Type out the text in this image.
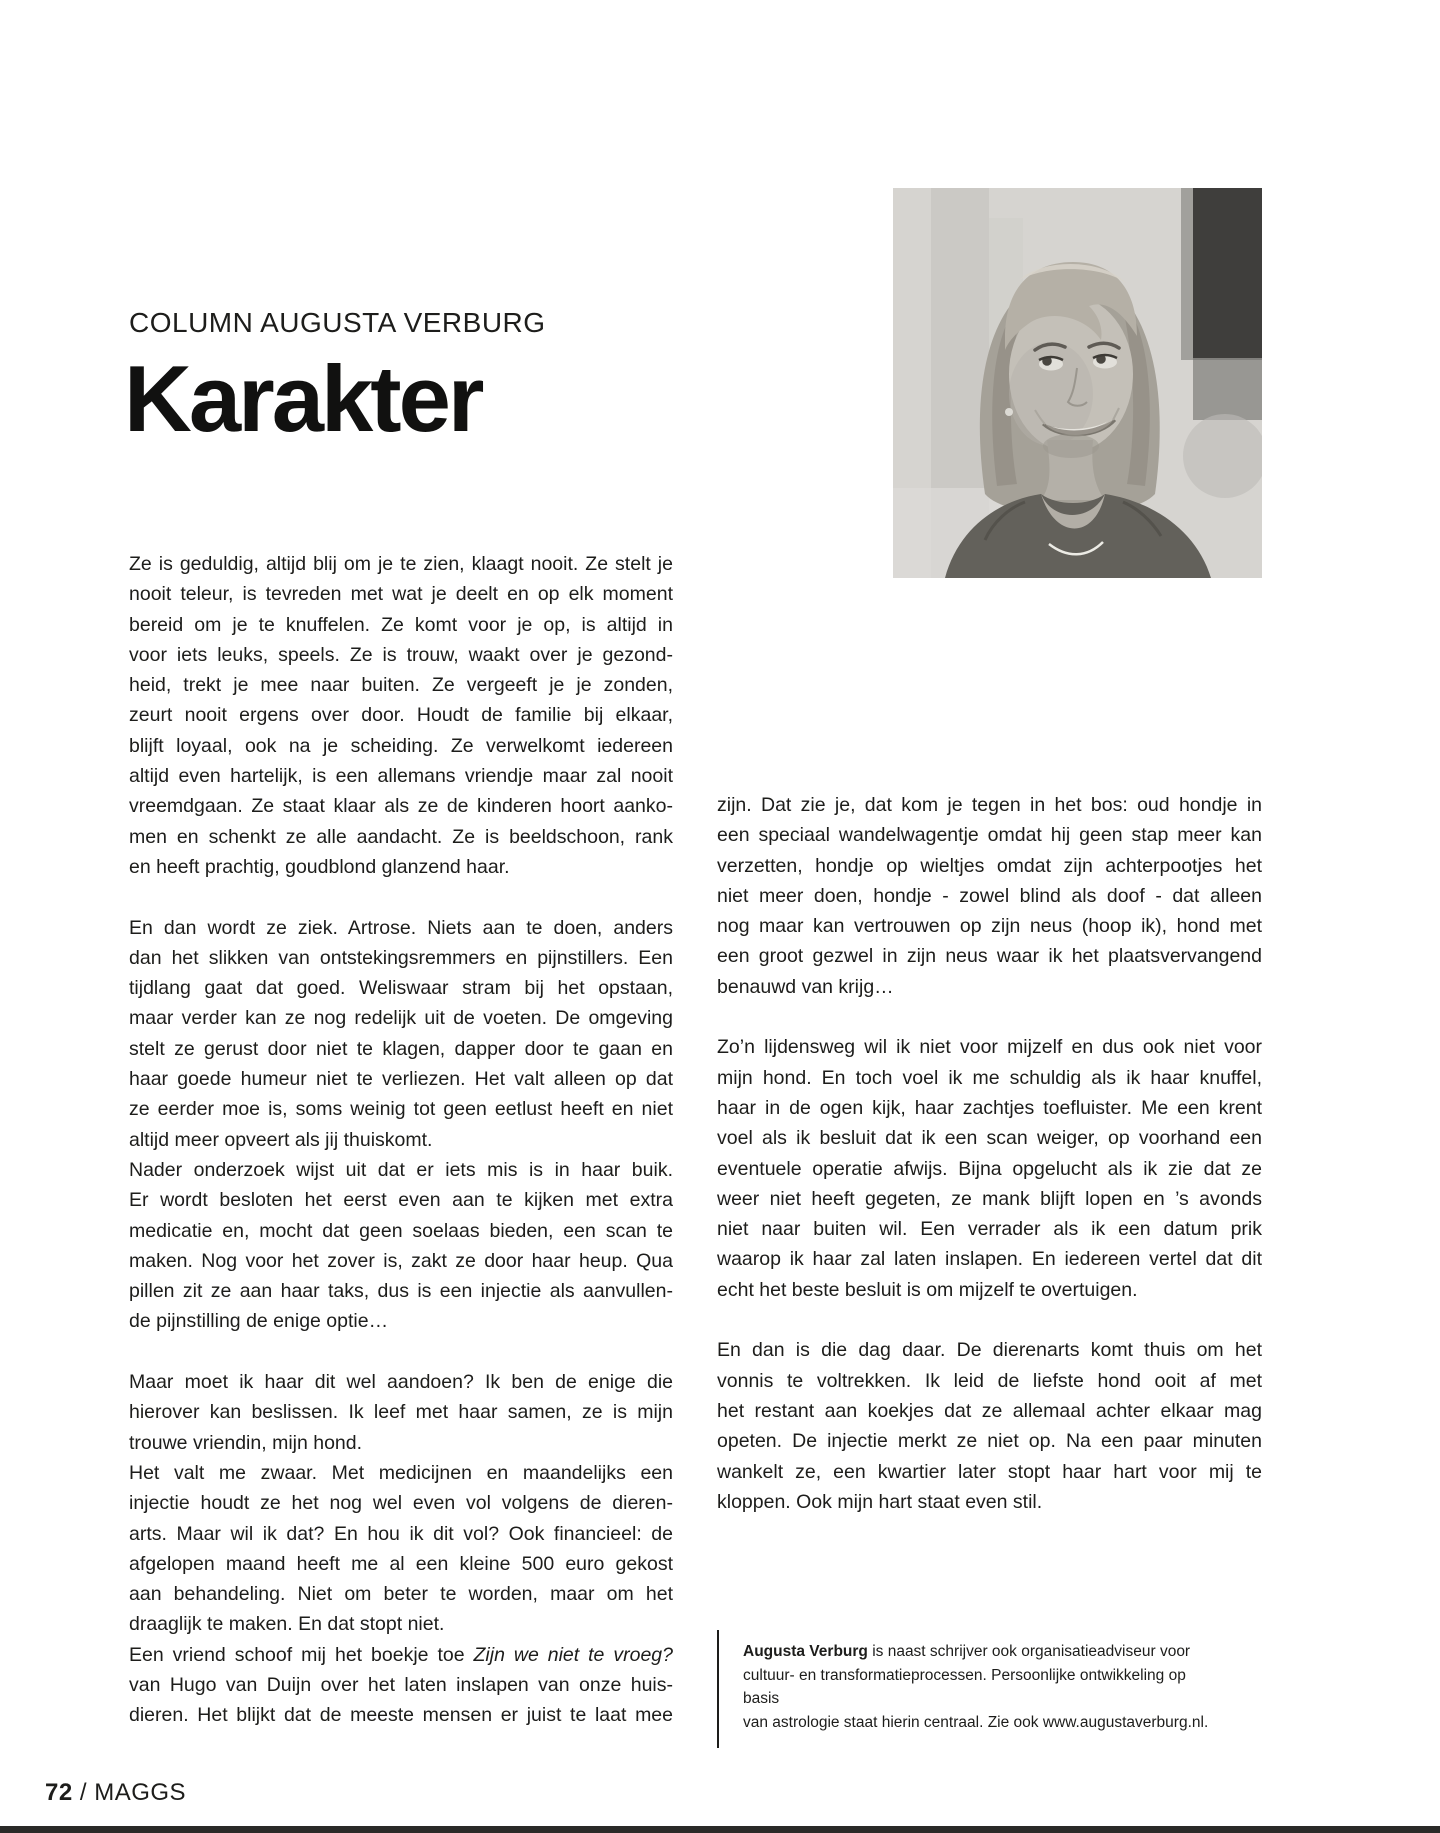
COLUMN AUGUSTA VERBURG
Karakter

Ze is geduldig, altijd blij om je te zien, klaagt nooit. Ze stelt je
nooit teleur, is tevreden met wat je deelt en op elk moment
bereid om je te knuffelen. Ze komt voor je op, is altijd in
voor iets leuks, speels. Ze is trouw, waakt over je gezond-
heid, trekt je mee naar buiten. Ze vergeeft je je zonden,
zeurt nooit ergens over door. Houdt de familie bij elkaar,
blijft loyaal, ook na je scheiding. Ze verwelkomt iedereen
altijd even hartelijk, is een allemans vriendje maar zal nooit
vreemdgaan. Ze staat klaar als ze de kinderen hoort aanko-
men en schenkt ze alle aandacht. Ze is beeldschoon, rank
en heeft prachtig, goudblond glanzend haar.

En dan wordt ze ziek. Artrose. Niets aan te doen, anders
dan het slikken van ontstekingsremmers en pijnstillers. Een
tijdlang gaat dat goed. Weliswaar stram bij het opstaan,
maar verder kan ze nog redelijk uit de voeten. De omgeving
stelt ze gerust door niet te klagen, dapper door te gaan en
haar goede humeur niet te verliezen. Het valt alleen op dat
ze eerder moe is, soms weinig tot geen eetlust heeft en niet
altijd meer opveert als jij thuiskomt.
Nader onderzoek wijst uit dat er iets mis is in haar buik.
Er wordt besloten het eerst even aan te kijken met extra
medicatie en, mocht dat geen soelaas bieden, een scan te
maken. Nog voor het zover is, zakt ze door haar heup. Qua
pillen zit ze aan haar taks, dus is een injectie als aanvullen-
de pijnstilling de enige optie…

Maar moet ik haar dit wel aandoen? Ik ben de enige die
hierover kan beslissen. Ik leef met haar samen, ze is mijn
trouwe vriendin, mijn hond.
Het valt me zwaar. Met medicijnen en maandelijks een
injectie houdt ze het nog wel even vol volgens de dieren-
arts. Maar wil ik dat? En hou ik dit vol? Ook financieel: de
afgelopen maand heeft me al een kleine 500 euro gekost
aan behandeling. Niet om beter te worden, maar om het
draaglijk te maken. En dat stopt niet.
Een vriend schoof mij het boekje toe Zijn we niet te vroeg?
van Hugo van Duijn over het laten inslapen van onze huis-
dieren. Het blijkt dat de meeste mensen er juist te laat mee

zijn. Dat zie je, dat kom je tegen in het bos: oud hondje in
een speciaal wandelwagentje omdat hij geen stap meer kan
verzetten, hondje op wieltjes omdat zijn achterpootjes het
niet meer doen, hondje - zowel blind als doof - dat alleen
nog maar kan vertrouwen op zijn neus (hoop ik), hond met
een groot gezwel in zijn neus waar ik het plaatsvervangend
benauwd van krijg…

Zo’n lijdensweg wil ik niet voor mijzelf en dus ook niet voor
mijn hond. En toch voel ik me schuldig als ik haar knuffel,
haar in de ogen kijk, haar zachtjes toefluister. Me een krent
voel als ik besluit dat ik een scan weiger, op voorhand een
eventuele operatie afwijs. Bijna opgelucht als ik zie dat ze
weer niet heeft gegeten, ze mank blijft lopen en ’s avonds
niet naar buiten wil. Een verrader als ik een datum prik
waarop ik haar zal laten inslapen. En iedereen vertel dat dit
echt het beste besluit is om mijzelf te overtuigen.

En dan is die dag daar. De dierenarts komt thuis om het
vonnis te voltrekken. Ik leid de liefste hond ooit af met
het restant aan koekjes dat ze allemaal achter elkaar mag
opeten. De injectie merkt ze niet op. Na een paar minuten
wankelt ze, een kwartier later stopt haar hart voor mij te
kloppen. Ook mijn hart staat even stil.

Augusta Verburg is naast schrijver ook organisatieadviseur voor
cultuur- en transformatieprocessen. Persoonlijke ontwikkeling op basis
van astrologie staat hierin centraal. Zie ook www.augustaverburg.nl.

72 / MAGGS
